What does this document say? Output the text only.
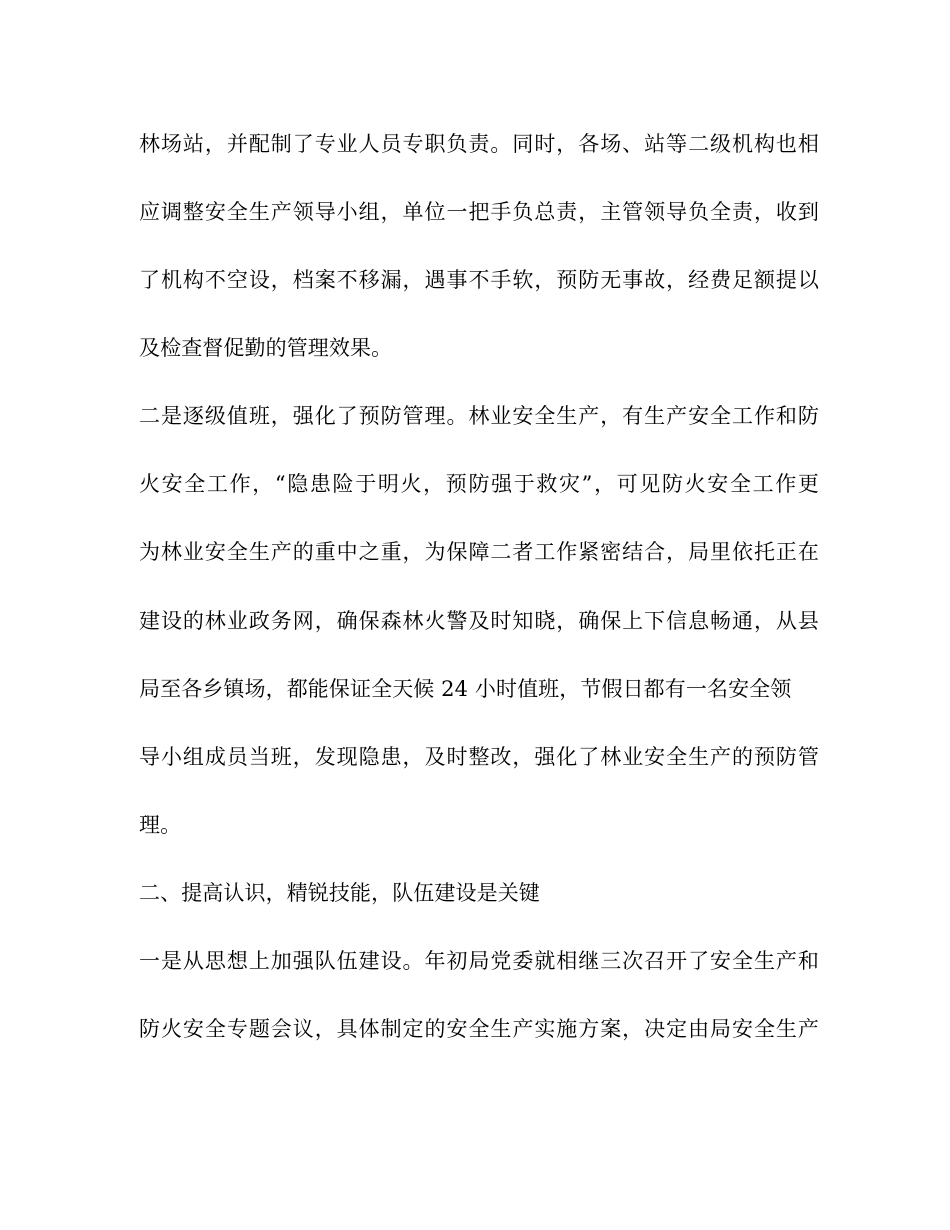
林场站，并配制了专业人员专职负责。同时，各场、站等二级机构也相
应调整安全生产领导小组，单位一把手负总责，主管领导负全责，收到
了机构不空设，档案不移漏，遇事不手软，预防无事故，经费足额提以
及检查督促勤的管理效果。
二是逐级值班，强化了预防管理。林业安全生产，有生产安全工作和防
火安全工作，“隐患险于明火，预防强于救灾”，可见防火安全工作更
为林业安全生产的重中之重，为保障二者工作紧密结合，局里依托正在
建设的林业政务网，确保森林火警及时知晓，确保上下信息畅通，从县
局至各乡镇场，都能保证全天候 24 小时值班，节假日都有一名安全领
导小组成员当班，发现隐患，及时整改，强化了林业安全生产的预防管
理。
二、提高认识，精锐技能，队伍建设是关键
一是从思想上加强队伍建设。年初局党委就相继三次召开了安全生产和
防火安全专题会议，具体制定的安全生产实施方案，决定由局安全生产
